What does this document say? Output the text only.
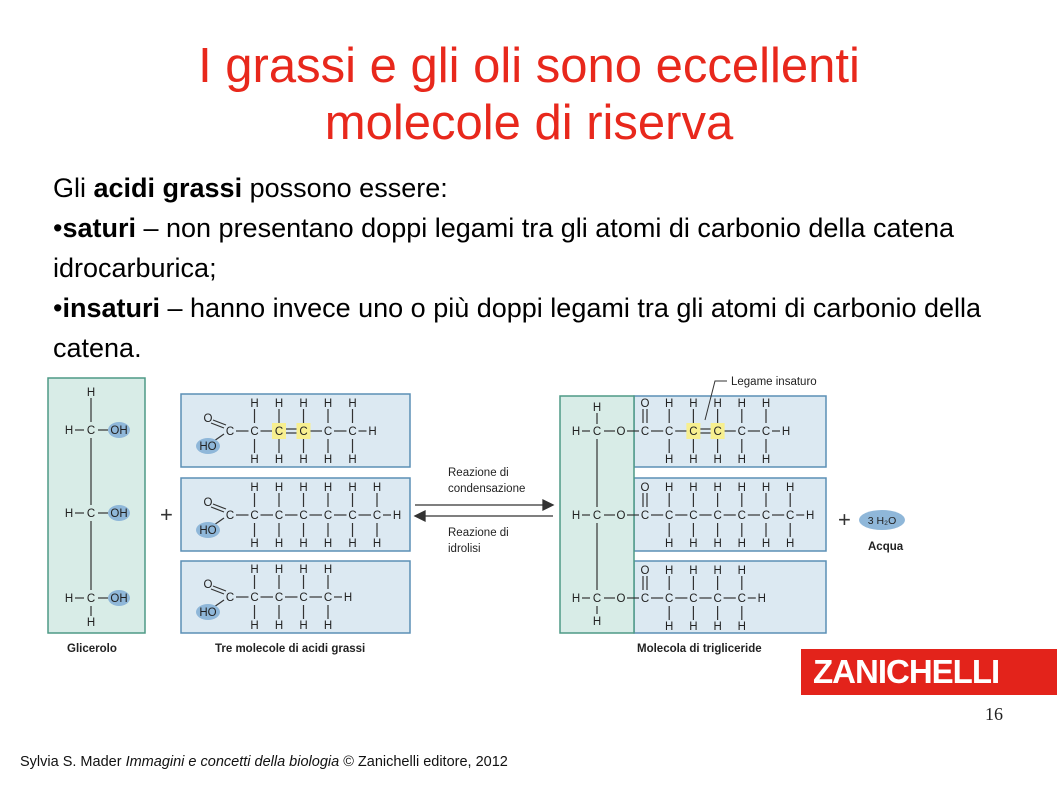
I grassi e gli oli sono eccellenti
molecole di riserva

Gli acidi grassi possono essere:

•saturi – non presentano doppi legami tra gli atomi di carbonio della catena idrocarburica;

•insaturi – hanno invece uno o più doppi legami tra gli atomi di carbonio della catena.

H
C
H	OH
C
H	OH
C
H	OH
H
O
HO
C C
H
H
C
H
H
C
H
H
C
H
H
C
H
H
H
O
HO
C C
H
H
C
H
H
C
H
H
C
H
H
C
H
H
C
H
H
H
O
HO
C C
H
H
C
H
H
C
H
H
C
H
H
H
H
C
H	O
C
H	O
C
H	O
H
C
O
C
H
H
C
H
H
C
H
H
C
H
H
C
H
H
H
C
O
C
H
H
C
H
H
C
H
H
C
H
H
C
H
H
C
H
H
H
C
O
C
H
H
C
H
H
C
H
H
C
H
H
H
Reazione di
condensazione
Reazione di
idrolisi
Legame insaturo
+	+ 3 H₂O
Acqua
Glicerolo	Tre molecole di acidi grassi	Molecola di trigliceride
ZANICHELLI
16
Sylvia S. Mader Immagini e concetti della biologia © Zanichelli editore, 2012
